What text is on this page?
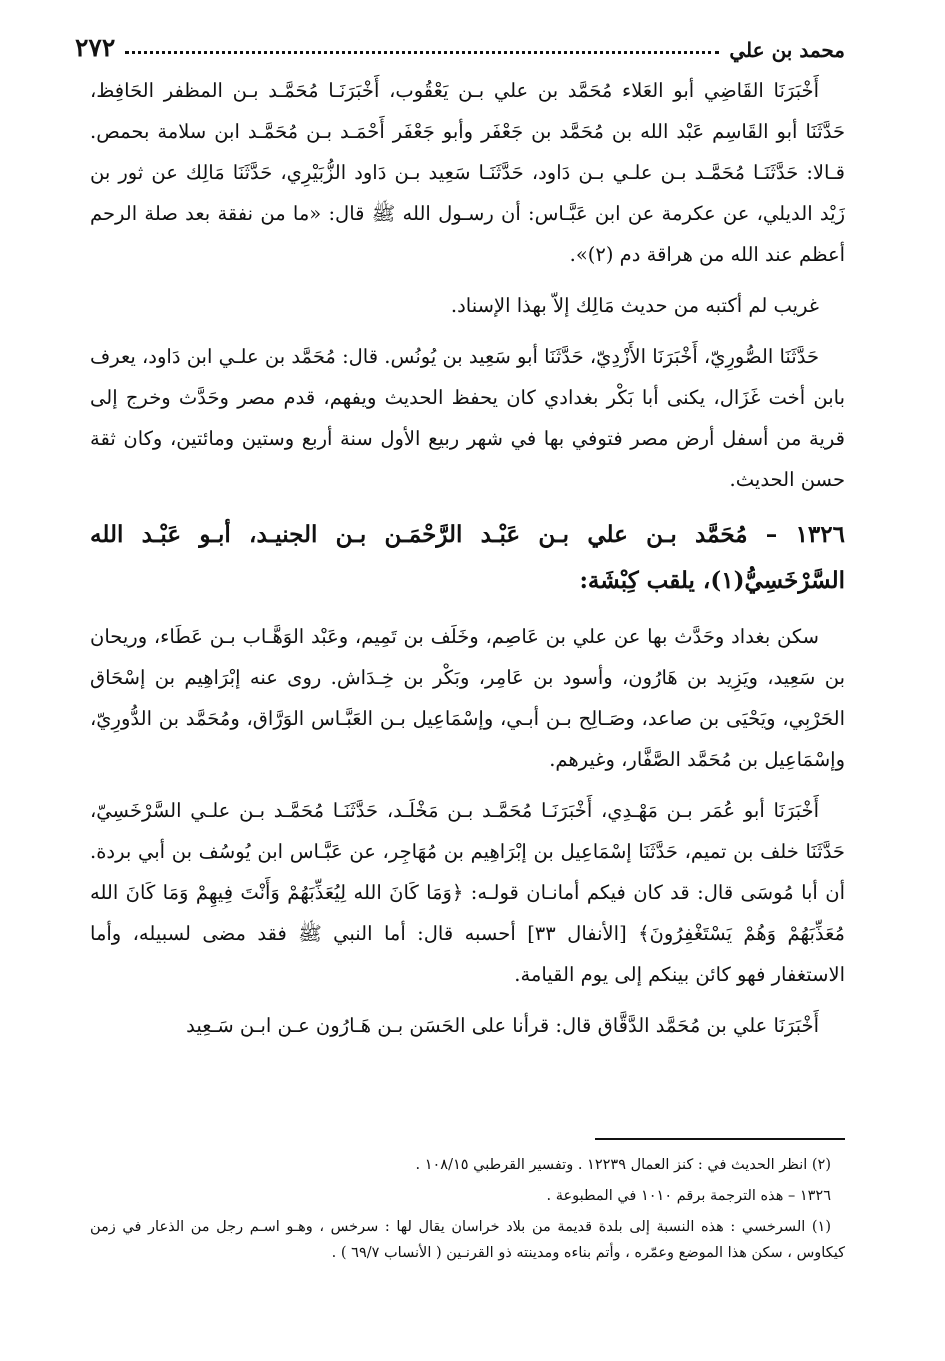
٢٧٢	محمد بن علي

أَخْبَرَنَا القَاضِي أبو العَلاء مُحَمَّد بن علي بـن يَعْقُوب، أَخْبَرَنَـا مُحَمَّـد بـن المظفر الحَافِظ، حَدَّثَنَا أبو القَاسِم عَبْد الله بن مُحَمَّد بن جَعْفَر وأبو جَعْفَر أَحْمَـد بـن مُحَمَّـد ابن سلامة بحمص. قـالا: حَدَّثَنَـا مُحَمَّـد بـن علـي بـن دَاود، حَدَّثَنَـا سَعِيد بـن دَاود الزُّبَيْرِي، حَدَّثَنَا مَالِك عن ثور بن زَيْد الديلي، عن عكرمة عن ابن عَبَّـاس: أن رسـول الله ﷺ قال: «ما من نفقة بعد صلة الرحم أعظم عند الله من هراقة دم (٢)».

غريب لم أكتبه من حديث مَالِك إلاّ بهذا الإسناد.

حَدَّثَنَا الصُّورِيّ، أَخْبَرَنَا الأَزْدِيّ، حَدَّثَنَا أبو سَعِيد بن يُونُس. قال: مُحَمَّد بن علـي ابن دَاود، يعرف بابن أخت غَزَال، يكنى أبا بَكْر بغدادي كان يحفظ الحديث ويفهم، قدم مصر وحَدَّث وخرج إلى قرية من أسفل أرض مصر فتوفي بها في شهر ربيع الأول سنة أربع وستين ومائتين، وكان ثقة حسن الحديث.

١٣٢٦ – مُحَمَّد بـن علي بـن عَبْـد الرَّحْمَـن بـن الجنيـد، أبـو عَبْـد الله السَّرْخَسِيُّ(١)، يلقب كِبْشَة:

سكن بغداد وحَدَّث بها عن علي بن عَاصِم، وخَلَف بن تَمِيم، وعَبْد الوَهَّـاب بـن عَطَاء، وريحان بن سَعِيد، ويَزِيد بن هَارُون، وأسود بن عَامِر، وبَكْر بن خِـدَاش. روى عنه إبْرَاهِيم بن إسْحَاق الحَرْبِي، ويَحْيَى بن صاعد، وصَـالِح بـن أبـي، وإسْمَاعِيل بـن العَبَّـاس الوَرَّاق، ومُحَمَّد بن الدُّورِيّ، وإسْمَاعِيل بن مُحَمَّد الصَّفَّار، وغيرهم.

أَخْبَرَنَا أبو عُمَر بـن مَهْـدِي، أَخْبَرَنَـا مُحَمَّـد بـن مَخْلَـد، حَدَّثَنَـا مُحَمَّـد بـن علـي السَّرْخَسِيّ، حَدَّثَنَا خلف بن تميم، حَدَّثَنَا إسْمَاعِيل بن إبْرَاهِيم بن مُهَاجِر، عن عَبَّـاس ابن يُوسُف بن أبي بردة. أن أبا مُوسَى قال: قد كان فيكم أمانـان قولـه: ﴿وَمَا كَانَ الله لِيُعَذِّبَهُمْ وَأَنْتَ فِيهِمْ وَمَا كَانَ الله مُعَذِّبَهُمْ وَهُمْ يَسْتَغْفِرُونَ﴾ [الأنفال ٣٣] أحسبه قال: أما النبي ﷺ فقد مضى لسبيله، وأما الاستغفار فهو كائن بينكم إلى يوم القيامة.

أَخْبَرَنَا علي بن مُحَمَّد الدَّقَّاق قال: قرأنا على الحَسَن بـن هَـارُون عـن ابـن سَـعِيد

(٢) انظر الحديث في : كنز العمال ١٢٢٣٩ . وتفسير القرطبي ١٠٨/١٥ .

١٣٢٦ – هذه الترجمة برقم ١٠١٠ في المطبوعة .

(١) السرخسي : هذه النسبة إلى بلدة قديمة من بلاد خراسان يقال لها : سرخس ، وهـو اسـم رجل من الذعار في زمن كيكاوس ، سكن هذا الموضع وعمّره ، وأتم بناءه ومدينته ذو القرنـين ( الأنساب ٦٩/٧ ) .
